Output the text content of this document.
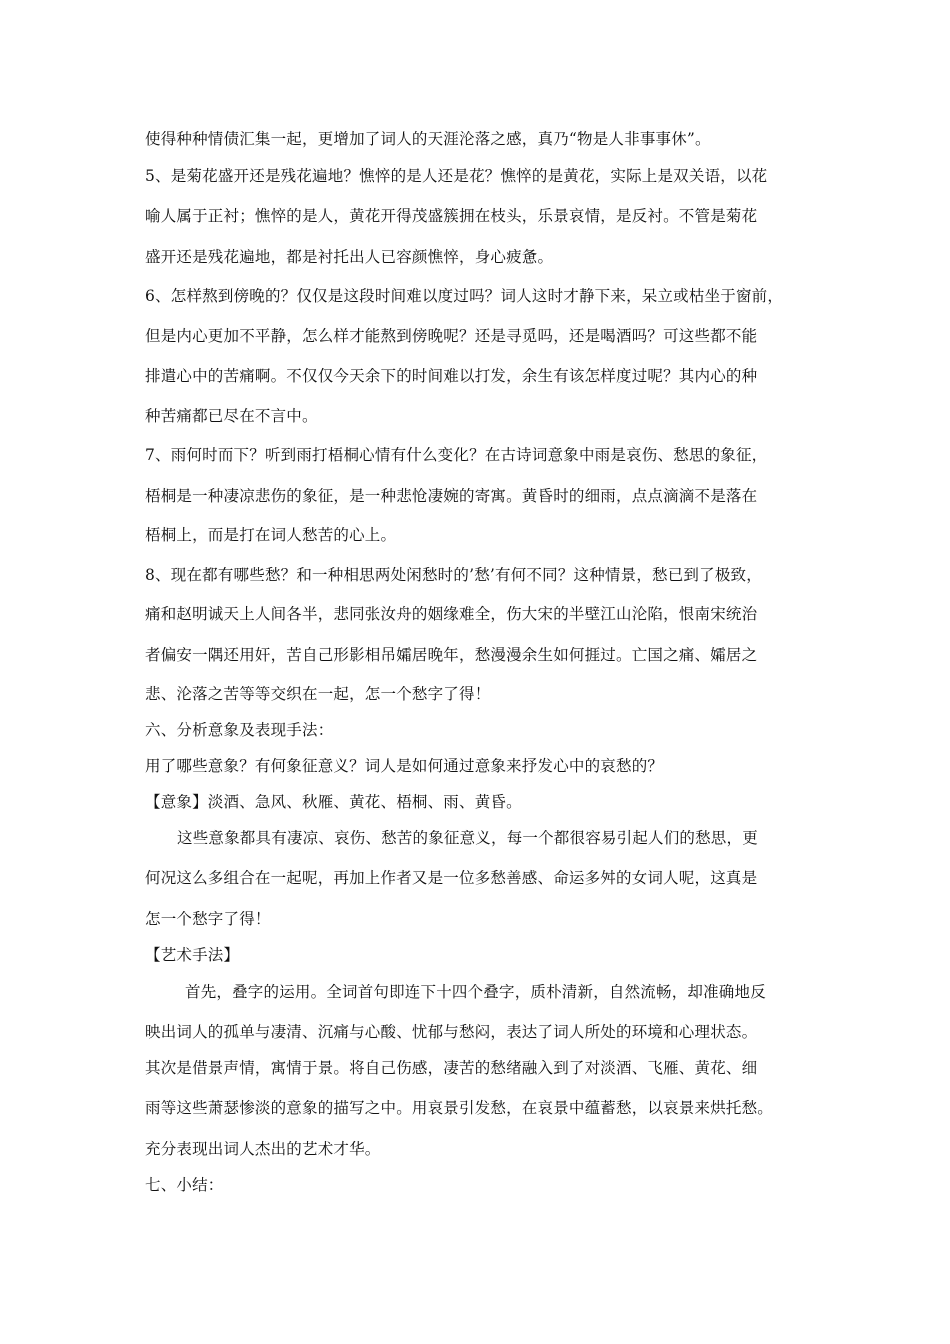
使得种种情债汇集一起，更增加了词人的天涯沦落之感，真乃“物是人非事事休”。
5、是菊花盛开还是残花遍地？憔悴的是人还是花？憔悴的是黄花，实际上是双关语，以花
喻人属于正衬；憔悴的是人，黄花开得茂盛簇拥在枝头，乐景哀情，是反衬。不管是菊花
盛开还是残花遍地，都是衬托出人已容颜憔悴，身心疲惫。
6、怎样熬到傍晚的？仅仅是这段时间难以度过吗？词人这时才静下来，呆立或枯坐于窗前，
但是内心更加不平静，怎么样才能熬到傍晚呢？还是寻觅吗，还是喝酒吗？可这些都不能
排遣心中的苦痛啊。不仅仅今天余下的时间难以打发，余生有该怎样度过呢？其内心的种
种苦痛都已尽在不言中。
7、雨何时而下？听到雨打梧桐心情有什么变化？在古诗词意象中雨是哀伤、愁思的象征，
梧桐是一种凄凉悲伤的象征，是一种悲怆凄婉的寄寓。黄昏时的细雨，点点滴滴不是落在
梧桐上，而是打在词人愁苦的心上。
8、现在都有哪些愁？和一种相思两处闲愁时的’愁’有何不同？这种情景，愁已到了极致，
痛和赵明诚天上人间各半，悲同张汝舟的姻缘难全，伤大宋的半壁江山沦陷，恨南宋统治
者偏安一隅还用奸，苦自己形影相吊孀居晚年，愁漫漫余生如何捱过。亡国之痛、孀居之
悲、沦落之苦等等交织在一起，怎一个愁字了得！
六、分析意象及表现手法：
用了哪些意象？有何象征意义？词人是如何通过意象来抒发心中的哀愁的？
【意象】淡酒、急风、秋雁、黄花、梧桐、雨、黄昏。
这些意象都具有凄凉、哀伤、愁苦的象征意义，每一个都很容易引起人们的愁思，更
何况这么多组合在一起呢，再加上作者又是一位多愁善感、命运多舛的女词人呢，这真是
怎一个愁字了得！
【艺术手法】
首先，叠字的运用。全词首句即连下十四个叠字，质朴清新，自然流畅，却准确地反
映出词人的孤单与凄清、沉痛与心酸、忧郁与愁闷，表达了词人所处的环境和心理状态。
其次是借景声情，寓情于景。将自己伤感，凄苦的愁绪融入到了对淡酒、飞雁、黄花、细
雨等这些萧瑟惨淡的意象的描写之中。用哀景引发愁，在哀景中蕴蓄愁，以哀景来烘托愁。
充分表现出词人杰出的艺术才华。
七、小结：
